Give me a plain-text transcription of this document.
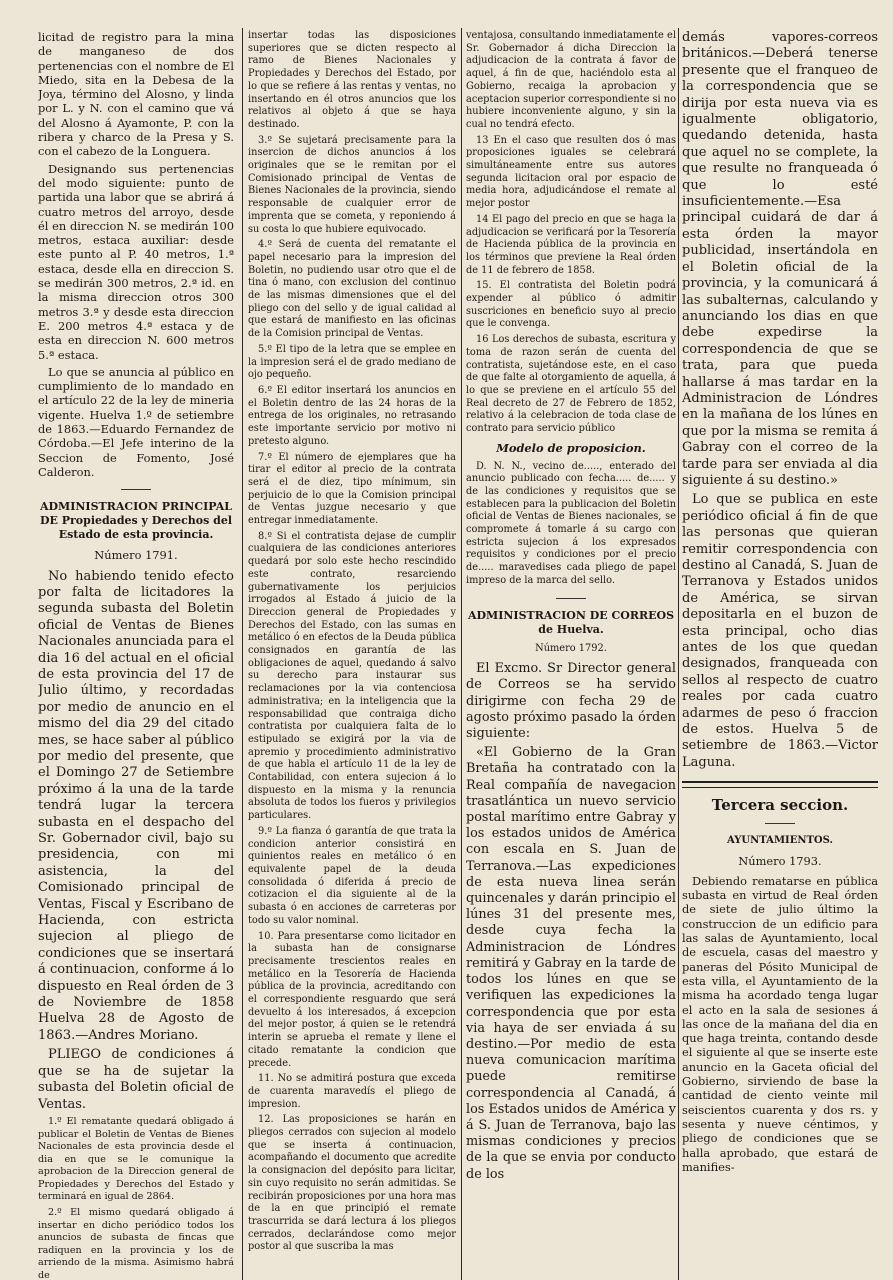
licitad de registro para la mina de manganeso de dos pertenencias con el nombre de El Miedo, sita en la Debesa de la Joya, término del Alosno, y linda por L. y N. con el camino que vá del Alosno á Ayamonte, P. con la ribera y charco de la Presa y S. con el cabezo de la Longuera.

Designando sus pertenencias del modo siguiente: punto de partida una labor que se abrirá á cuatro metros del arroyo, desde él en direccion N. se medirán 100 metros, estaca auxiliar: desde este punto al P. 40 metros, 1.ª estaca, desde ella en direccion S. se medirán 300 metros, 2.ª id. en la misma direccion otros 300 metros 3.ª y desde esta direccion E. 200 metros 4.ª estaca y de esta en direccion N. 600 metros 5.ª estaca.

Lo que se anuncia al público en cumplimiento de lo mandado en el artículo 22 de la ley de mineria vigente. Huelva 1.º de setiembre de 1863.—Eduardo Fernandez de Córdoba.—El Jefe interino de la Seccion de Fomento, José Calderon.

ADMINISTRACION PRINCIPAL DE Propiedades y Derechos del Estado de esta provincia.
Número 1791.

No habiendo tenido efecto por falta de licitadores la segunda subasta del Boletin oficial de Ventas de Bienes Nacionales anunciada para el dia 16 del actual en el oficial de esta provincia del 17 de Julio último, y recordadas por medio de anuncio en el mismo del dia 29 del citado mes, se hace saber al público por medio del presente, que el Domingo 27 de Setiembre próximo á la una de la tarde tendrá lugar la tercera subasta en el despacho del Sr. Gobernador civil, bajo su presidencia, con mi asistencia, la del Comisionado principal de Ventas, Fiscal y Escribano de Hacienda, con estricta sujecion al pliego de condiciones que se insertará á continuacion, conforme á lo dispuesto en Real órden de 3 de Noviembre de 1858 Huelva 28 de Agosto de 1863.—Andres Moriano.

PLIEGO de condiciones á que se ha de sujetar la subasta del Boletin oficial de Ventas.

1.º El rematante quedará obligado á publicar el Boletin de Ventas de Bienes Nacionales de esta provincia desde el dia en que se le comunique la aprobacion de la Direccion general de Propiedades y Derechos del Estado y terminará en igual de 2864.

2.º El mismo quedará obligado á insertar en dicho periódico todos los anuncios de subasta de fincas que radiquen en la provincia y los de arriendo de la misma. Asimismo habrá de

insertar todas las disposiciones superiores que se dicten respecto al ramo de Bienes Nacionales y Propiedades y Derechos del Estado, por lo que se refiere á las rentas y ventas, no insertando en él otros anuncios que los relativos al objeto á que se haya destinado.

3.º Se sujetará precisamente para la insercion de dichos anuncios á los originales que se le remitan por el Comisionado principal de Ventas de Bienes Nacionales de la provincia, siendo responsable de cualquier error de imprenta que se cometa, y reponiendo á su costa lo que hubiere equivocado.

4.º Será de cuenta del rematante el papel necesario para la impresion del Boletin, no pudiendo usar otro que el de tina ó mano, con exclusion del continuo de las mismas dimensiones que el del pliego con del sello y de igual calidad al que estará de manifiesto en las oficinas de la Comision principal de Ventas.

5.º El tipo de la letra que se emplee en la impresion será el de grado mediano de ojo pequeño.

6.º El editor insertará los anuncios en el Boletin dentro de las 24 horas de la entrega de los originales, no retrasando este importante servicio por motivo ni pretesto alguno.

7.º El número de ejemplares que ha tirar el editor al precio de la contrata será el de diez, tipo mínimum, sin perjuicio de lo que la Comision principal de Ventas juzgue necesario y que entregar inmediatamente.

8.º Si el contratista dejase de cumplir cualquiera de las condiciones anteriores quedará por solo este hecho rescindido este contrato, resarciendo gubernativamente los perjuicios irrogados al Estado á juicio de la Direccion general de Propiedades y Derechos del Estado, con las sumas en metálico ó en efectos de la Deuda pública consignados en garantía de las obligaciones de aquel, quedando á salvo su derecho para instaurar sus reclamaciones por la via contenciosa administrativa; en la inteligencia que la responsabilidad que contraiga dicho contratista por cualquiera falta de lo estipulado se exigirá por la via de apremio y procedimiento administrativo de que habla el artículo 11 de la ley de Contabilidad, con entera sujecion á lo dispuesto en la misma y la renuncia absoluta de todos los fueros y privilegios particulares.

9.º La fianza ó garantía de que trata la condicion anterior consistirá en quinientos reales en metálico ó en equivalente papel de la deuda consolidada ó diferida á precio de cotizacion el dia siguiente al de la subasta ó en acciones de carreteras por todo su valor nominal.

10. Para presentarse como licitador en la subasta han de consignarse precisamente trescientos reales en metálico en la Tesorería de Hacienda pública de la provincia, acreditando con el correspondiente resguardo que será devuelto á los interesados, á excepcion del mejor postor, á quien se le retendrá interin se aprueba el remate y llene el citado rematante la condicion que precede.

11. No se admitirá postura que exceda de cuarenta maravedís el pliego de impresion.

12. Las proposiciones se harán en pliegos cerrados con sujecion al modelo que se inserta á continuacion, acompañando el documento que acredite la consignacion del depósito para licitar, sin cuyo requisito no serán admitidas. Se recibirán proposiciones por una hora mas de la en que principió el remate trascurrida se dará lectura á los pliegos cerrados, declarándose como mejor postor al que suscriba la mas

ventajosa, consultando inmediatamente el Sr. Gobernador á dicha Direccion la adjudicacion de la contrata á favor de aquel, á fin de que, haciéndolo esta al Gobierno, recaiga la aprobacion y aceptacion superior correspondiente si no hubiere inconveniente alguno, y sin la cual no tendrá efecto.

13 En el caso que resulten dos ó mas proposiciones iguales se celebrará simultáneamente entre sus autores segunda licitacion oral por espacio de media hora, adjudicándose el remate al mejor postor

14 El pago del precio en que se haga la adjudicacion se verificará por la Tesorería de Hacienda pública de la provincia en los términos que previene la Real órden de 11 de febrero de 1858.

15. El contratista del Boletin podrá expender al público ó admitir suscriciones en beneficio suyo al precio que le convenga.

16 Los derechos de subasta, escritura y toma de razon serán de cuenta del contratista, sujetándose este, en el caso de que falte al otorgamiento de aquella, á lo que se previene en el artículo 55 del Real decreto de 27 de Febrero de 1852, relativo á la celebracion de toda clase de contrato para servicio público

Modelo de proposicion.

D. N. N., vecino de....., enterado del anuncio publicado con fecha..... de..... y de las condiciones y requisitos que se establecen para la publicacion del Boletin oficial de Ventas de Bienes nacionales, se compromete á tomarle á su cargo con estricta sujecion á los expresados requisitos y condiciones por el precio de..... maravedises cada pliego de papel impreso de la marca del sello.

ADMINISTRACION DE CORREOS de Huelva.
Número 1792.

El Excmo. Sr Director general de Correos se ha servido dirigirme con fecha 29 de agosto próximo pasado la órden siguiente:

«El Gobierno de la Gran Bretaña ha contratado con la Real compañía de navegacion trasatlántica un nuevo servicio postal marítimo entre Gabray y los estados unidos de América con escala en S. Juan de Terranova.—Las expediciones de esta nueva linea serán quincenales y darán principio el lúnes 31 del presente mes, desde cuya fecha la Administracion de Lóndres remitirá y Gabray en la tarde de todos los lúnes en que se verifiquen las expediciones la correspondencia que por esta via haya de ser enviada á su destino.—Por medio de esta nueva comunicacion marítima puede remitirse correspondencia al Canadá, á los Estados unidos de América y á S. Juan de Terranova, bajo las mismas condiciones y precios de la que se envia por conducto de los

demás vapores-correos británicos.—Deberá tenerse presente que el franqueo de la correspondencia que se dirija por esta nueva via es igualmente obligatorio, quedando detenida, hasta que aquel no se complete, la que resulte no franqueada ó que lo esté insuficientemente.—Esa principal cuidará de dar á esta órden la mayor publicidad, insertándola en el Boletin oficial de la provincia, y la comunicará á las subalternas, calculando y anunciando los dias en que debe expedirse la correspondencia de que se trata, para que pueda hallarse á mas tardar en la Administracion de Lóndres en la mañana de los lúnes en que por la misma se remita á Gabray con el correo de la tarde para ser enviada al dia siguiente á su destino.»

Lo que se publica en este periódico oficial á fin de que las personas que quieran remitir correspondencia con destino al Canadá, S. Juan de Terranova y Estados unidos de América, se sirvan depositarla en el buzon de esta principal, ocho dias antes de los que quedan designados, franqueada con sellos al respecto de cuatro reales por cada cuatro adarmes de peso ó fraccion de estos. Huelva 5 de setiembre de 1863.—Victor Laguna.

Tercera seccion.
AYUNTAMIENTOS.
Número 1793.

Debiendo rematarse en pública subasta en virtud de Real órden de siete de julio último la construccion de un edificio para las salas de Ayuntamiento, local de escuela, casas del maestro y paneras del Pósito Municipal de esta villa, el Ayuntamiento de la misma ha acordado tenga lugar el acto en la sala de sesiones á las once de la mañana del dia en que haga treinta, contando desde el siguiente al que se inserte este anuncio en la Gaceta oficial del Gobierno, sirviendo de base la cantidad de ciento veinte mil seiscientos cuarenta y dos rs. y sesenta y nueve céntimos, y pliego de condiciones que se halla aprobado, que estará de manifies-
